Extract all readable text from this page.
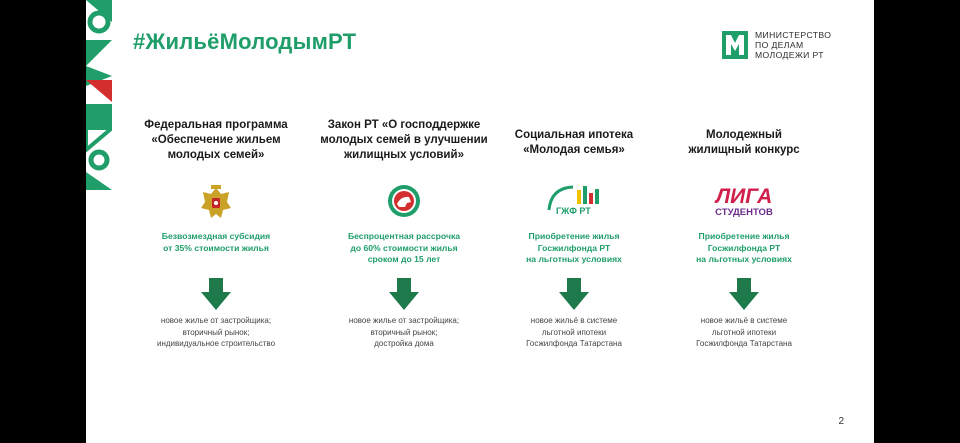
#ЖильёМолодымРТ	МИНИСТЕРСТВО
ПО ДЕЛАМ
МОЛОДЕЖИ РТ
Федеральная программа
«Обеспечение жильем
молодых семей»
Безвозмездная субсидия
от 35% стоимости жилья
новое жилье от застройщика;
вторичный рынок;
индивидуальное строительство
Закон РТ «О господдержке
молодых семей в улучшении
жилищных условий»
Беспроцентная рассрочка
до 60% стоимости жилья
сроком до 15 лет
новое жилье от застройщика;
вторичный рынок;
достройка дома
Социальная ипотека
«Молодая семья»
ГЖФ РТ
Приобретение жилья
Госжилфонда РТ
на льготных условиях
новое жильё в системе
льготной ипотеки
Госжилфонда Татарстана
Молодежный
жилищный конкурс
ЛИГА
СТУДЕНТОВ
Приобретение жилья
Госжилфонда РТ
на льготных условиях
новое жильё в системе
льготной ипотеки
Госжилфонда Татарстана
2
